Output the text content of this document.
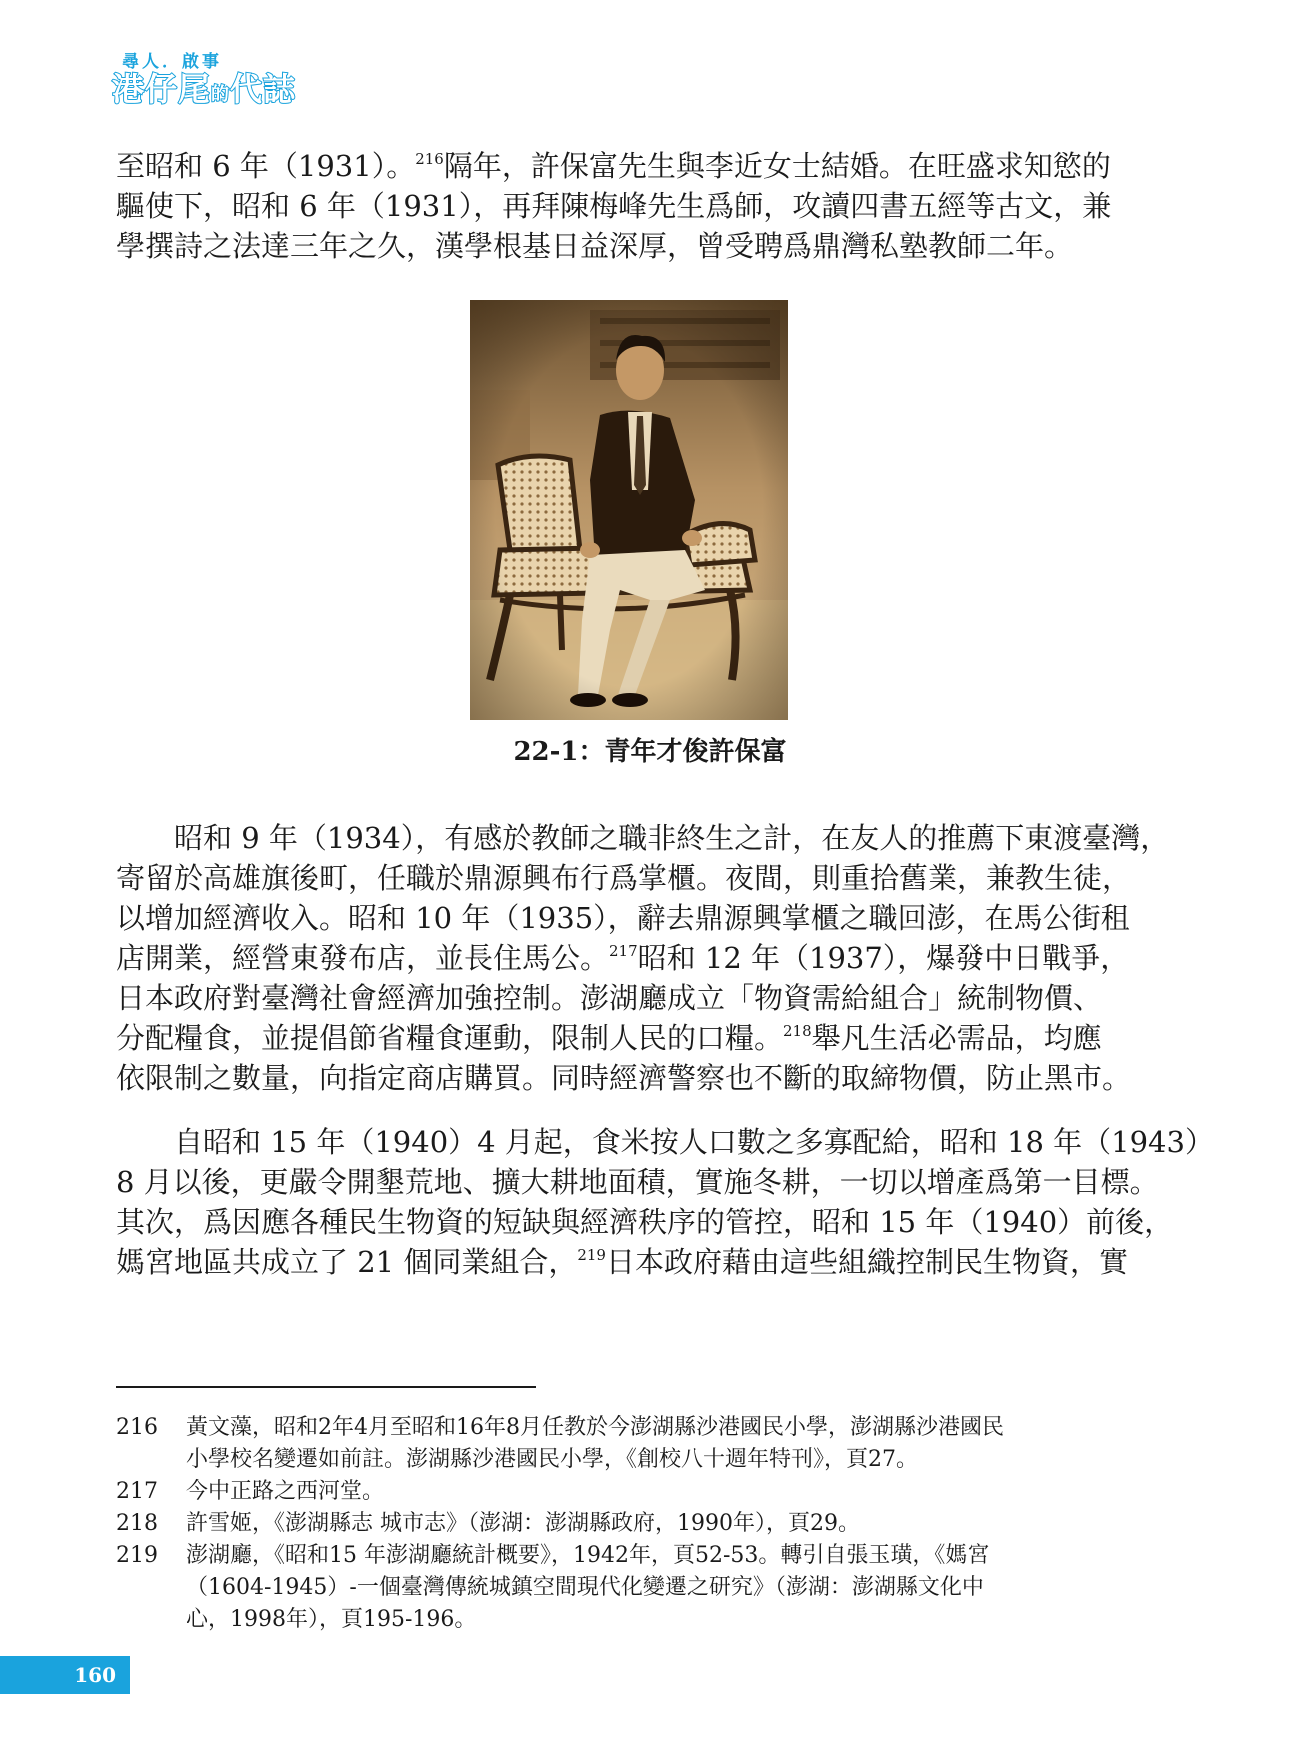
尋人．啟事
港仔尾的代誌

至昭和 6 年（1931）。$^{216}$隔年，許保富先生與李近女士結婚。在旺盛求知慾的
驅使下，昭和 6 年（1931），再拜陳梅峰先生爲師，攻讀四書五經等古文，兼
學撰詩之法達三年之久，漢學根基日益深厚，曾受聘爲鼎灣私塾教師二年。

22-1：青年才俊許保富

昭和 9 年（1934），有感於教師之職非終生之計，在友人的推薦下東渡臺灣，
寄留於高雄旗後町，任職於鼎源興布行爲掌櫃。夜間，則重拾舊業，兼教生徒，
以增加經濟收入。昭和 10 年（1935），辭去鼎源興掌櫃之職回澎，在馬公街租
店開業，經營東發布店，並長住馬公。$^{217}$昭和 12 年（1937），爆發中日戰爭，
日本政府對臺灣社會經濟加強控制。澎湖廳成立「物資需給組合」統制物價、
分配糧食，並提倡節省糧食運動，限制人民的口糧。$^{218}$舉凡生活必需品，均應
依限制之數量，向指定商店購買。同時經濟警察也不斷的取締物價，防止黑市。

自昭和 15 年（1940）4 月起，食米按人口數之多寡配給，昭和 18 年（1943）
8 月以後，更嚴令開墾荒地、擴大耕地面積，實施冬耕，一切以增產爲第一目標。
其次，爲因應各種民生物資的短缺與經濟秩序的管控，昭和 15 年（1940）前後，
媽宮地區共成立了 21 個同業組合，$^{219}$日本政府藉由這些組織控制民生物資，實

216	黃文藻，昭和2年4月至昭和16年8月任教於今澎湖縣沙港國民小學，澎湖縣沙港國民
小學校名變遷如前註。澎湖縣沙港國民小學，《創校八十週年特刊》，頁27。
217	今中正路之西河堂。
218	許雪姬，《澎湖縣志 城市志》（澎湖：澎湖縣政府，1990年），頁29。
219	澎湖廳，《昭和15 年澎湖廳統計概要》，1942年，頁52-53。轉引自張玉璜，《媽宮
（1604-1945）-一個臺灣傳統城鎮空間現代化變遷之研究》（澎湖：澎湖縣文化中
心，1998年），頁195-196。
160
